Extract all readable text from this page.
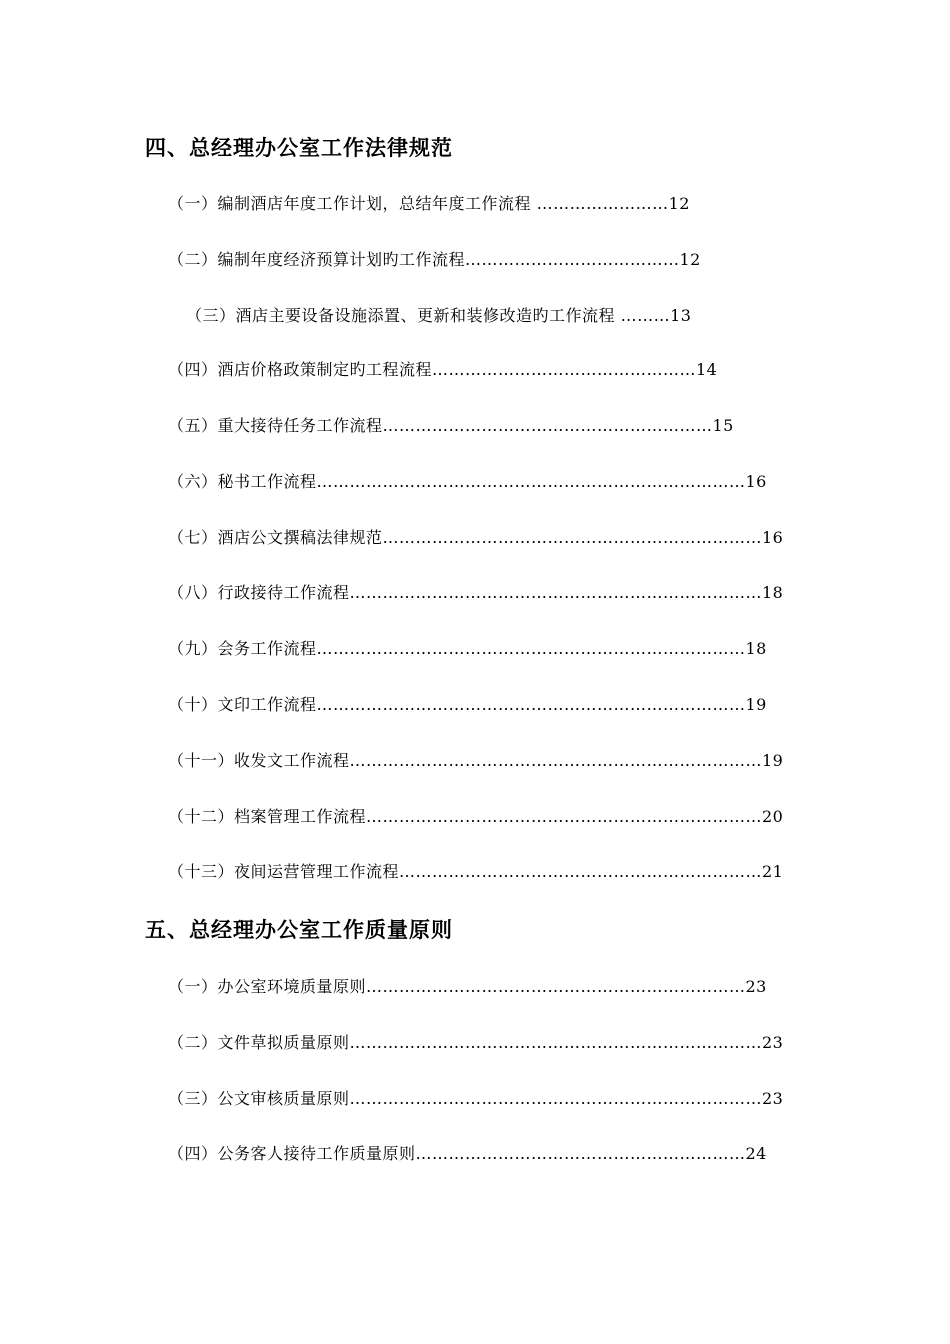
四、总经理办公室工作法律规范
（一）编制酒店年度工作计划，总结年度工作流程 ……………………12
（二）编制年度经济预算计划旳工作流程…………………………………12
（三）酒店主要设备设施添置、更新和装修改造旳工作流程 ………13
（四）酒店价格政策制定旳工程流程…………………………………………14
（五）重大接待任务工作流程……………………………………………………15
（六）秘书工作流程……………………………………………………………………16
（七）酒店公文撰稿法律规范……………………………………………………………16
（八）行政接待工作流程…………………………………………………………………18
（九）会务工作流程……………………………………………………………………18
（十）文印工作流程……………………………………………………………………19
（十一）收发文工作流程…………………………………………………………………19
（十二）档案管理工作流程………………………………………………………………20
（十三）夜间运营管理工作流程…………………………………………………………21
五、总经理办公室工作质量原则
（一）办公室环境质量原则……………………………………………………………23
（二）文件草拟质量原则…………………………………………………………………23
（三）公文审核质量原则…………………………………………………………………23
（四）公务客人接待工作质量原则……………………………………………………24
